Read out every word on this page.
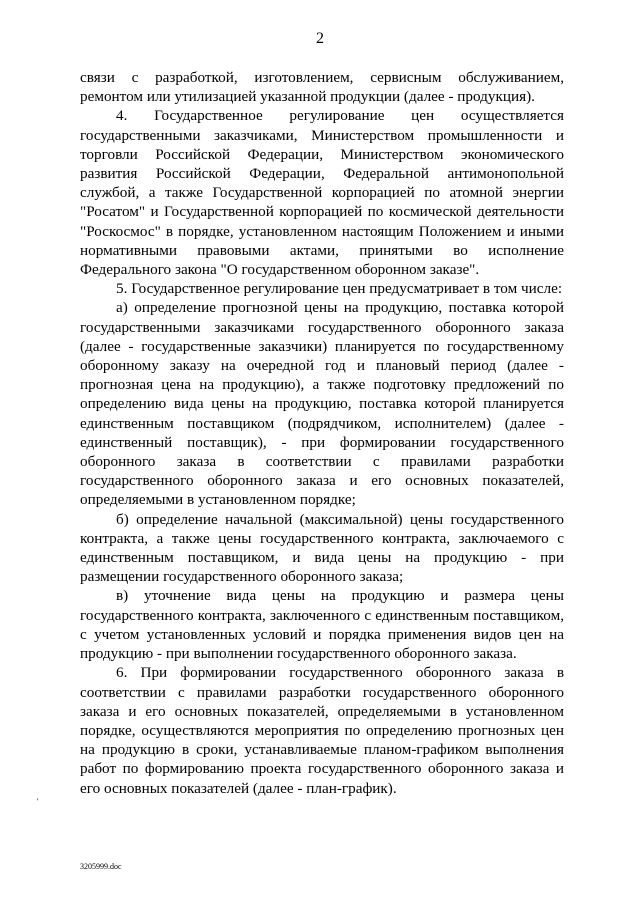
2

связи с разработкой, изготовлением, сервисным обслуживанием, ремонтом или утилизацией указанной продукции (далее - продукция).

4. Государственное регулирование цен осуществляется государственными заказчиками, Министерством промышленности и торговли Российской Федерации, Министерством экономического развития Российской Федерации, Федеральной антимонопольной службой, а также Государственной корпорацией по атомной энергии "Росатом" и Государственной корпорацией по космической деятельности "Роскосмос" в порядке, установленном настоящим Положением и иными нормативными правовыми актами, принятыми во исполнение Федерального закона "О государственном оборонном заказе".

5. Государственное регулирование цен предусматривает в том числе:

а) определение прогнозной цены на продукцию, поставка которой государственными заказчиками государственного оборонного заказа (далее - государственные заказчики) планируется по государственному оборонному заказу на очередной год и плановый период (далее - прогнозная цена на продукцию), а также подготовку предложений по определению вида цены на продукцию, поставка которой планируется единственным поставщиком (подрядчиком, исполнителем) (далее - единственный поставщик), - при формировании государственного оборонного заказа в соответствии с правилами разработки государственного оборонного заказа и его основных показателей, определяемыми в установленном порядке;

б) определение начальной (максимальной) цены государственного контракта, а также цены государственного контракта, заключаемого с единственным поставщиком, и вида цены на продукцию - при размещении государственного оборонного заказа;

в) уточнение вида цены на продукцию и размера цены государственного контракта, заключенного с единственным поставщиком, с учетом установленных условий и порядка применения видов цен на продукцию - при выполнении государственного оборонного заказа.

6. При формировании государственного оборонного заказа в соответствии с правилами разработки государственного оборонного заказа и его основных показателей, определяемыми в установленном порядке, осуществляются мероприятия по определению прогнозных цен на продукцию в сроки, устанавливаемые планом-графиком выполнения работ по формированию проекта государственного оборонного заказа и его основных показателей (далее - план-график).

'
3205999.doc
